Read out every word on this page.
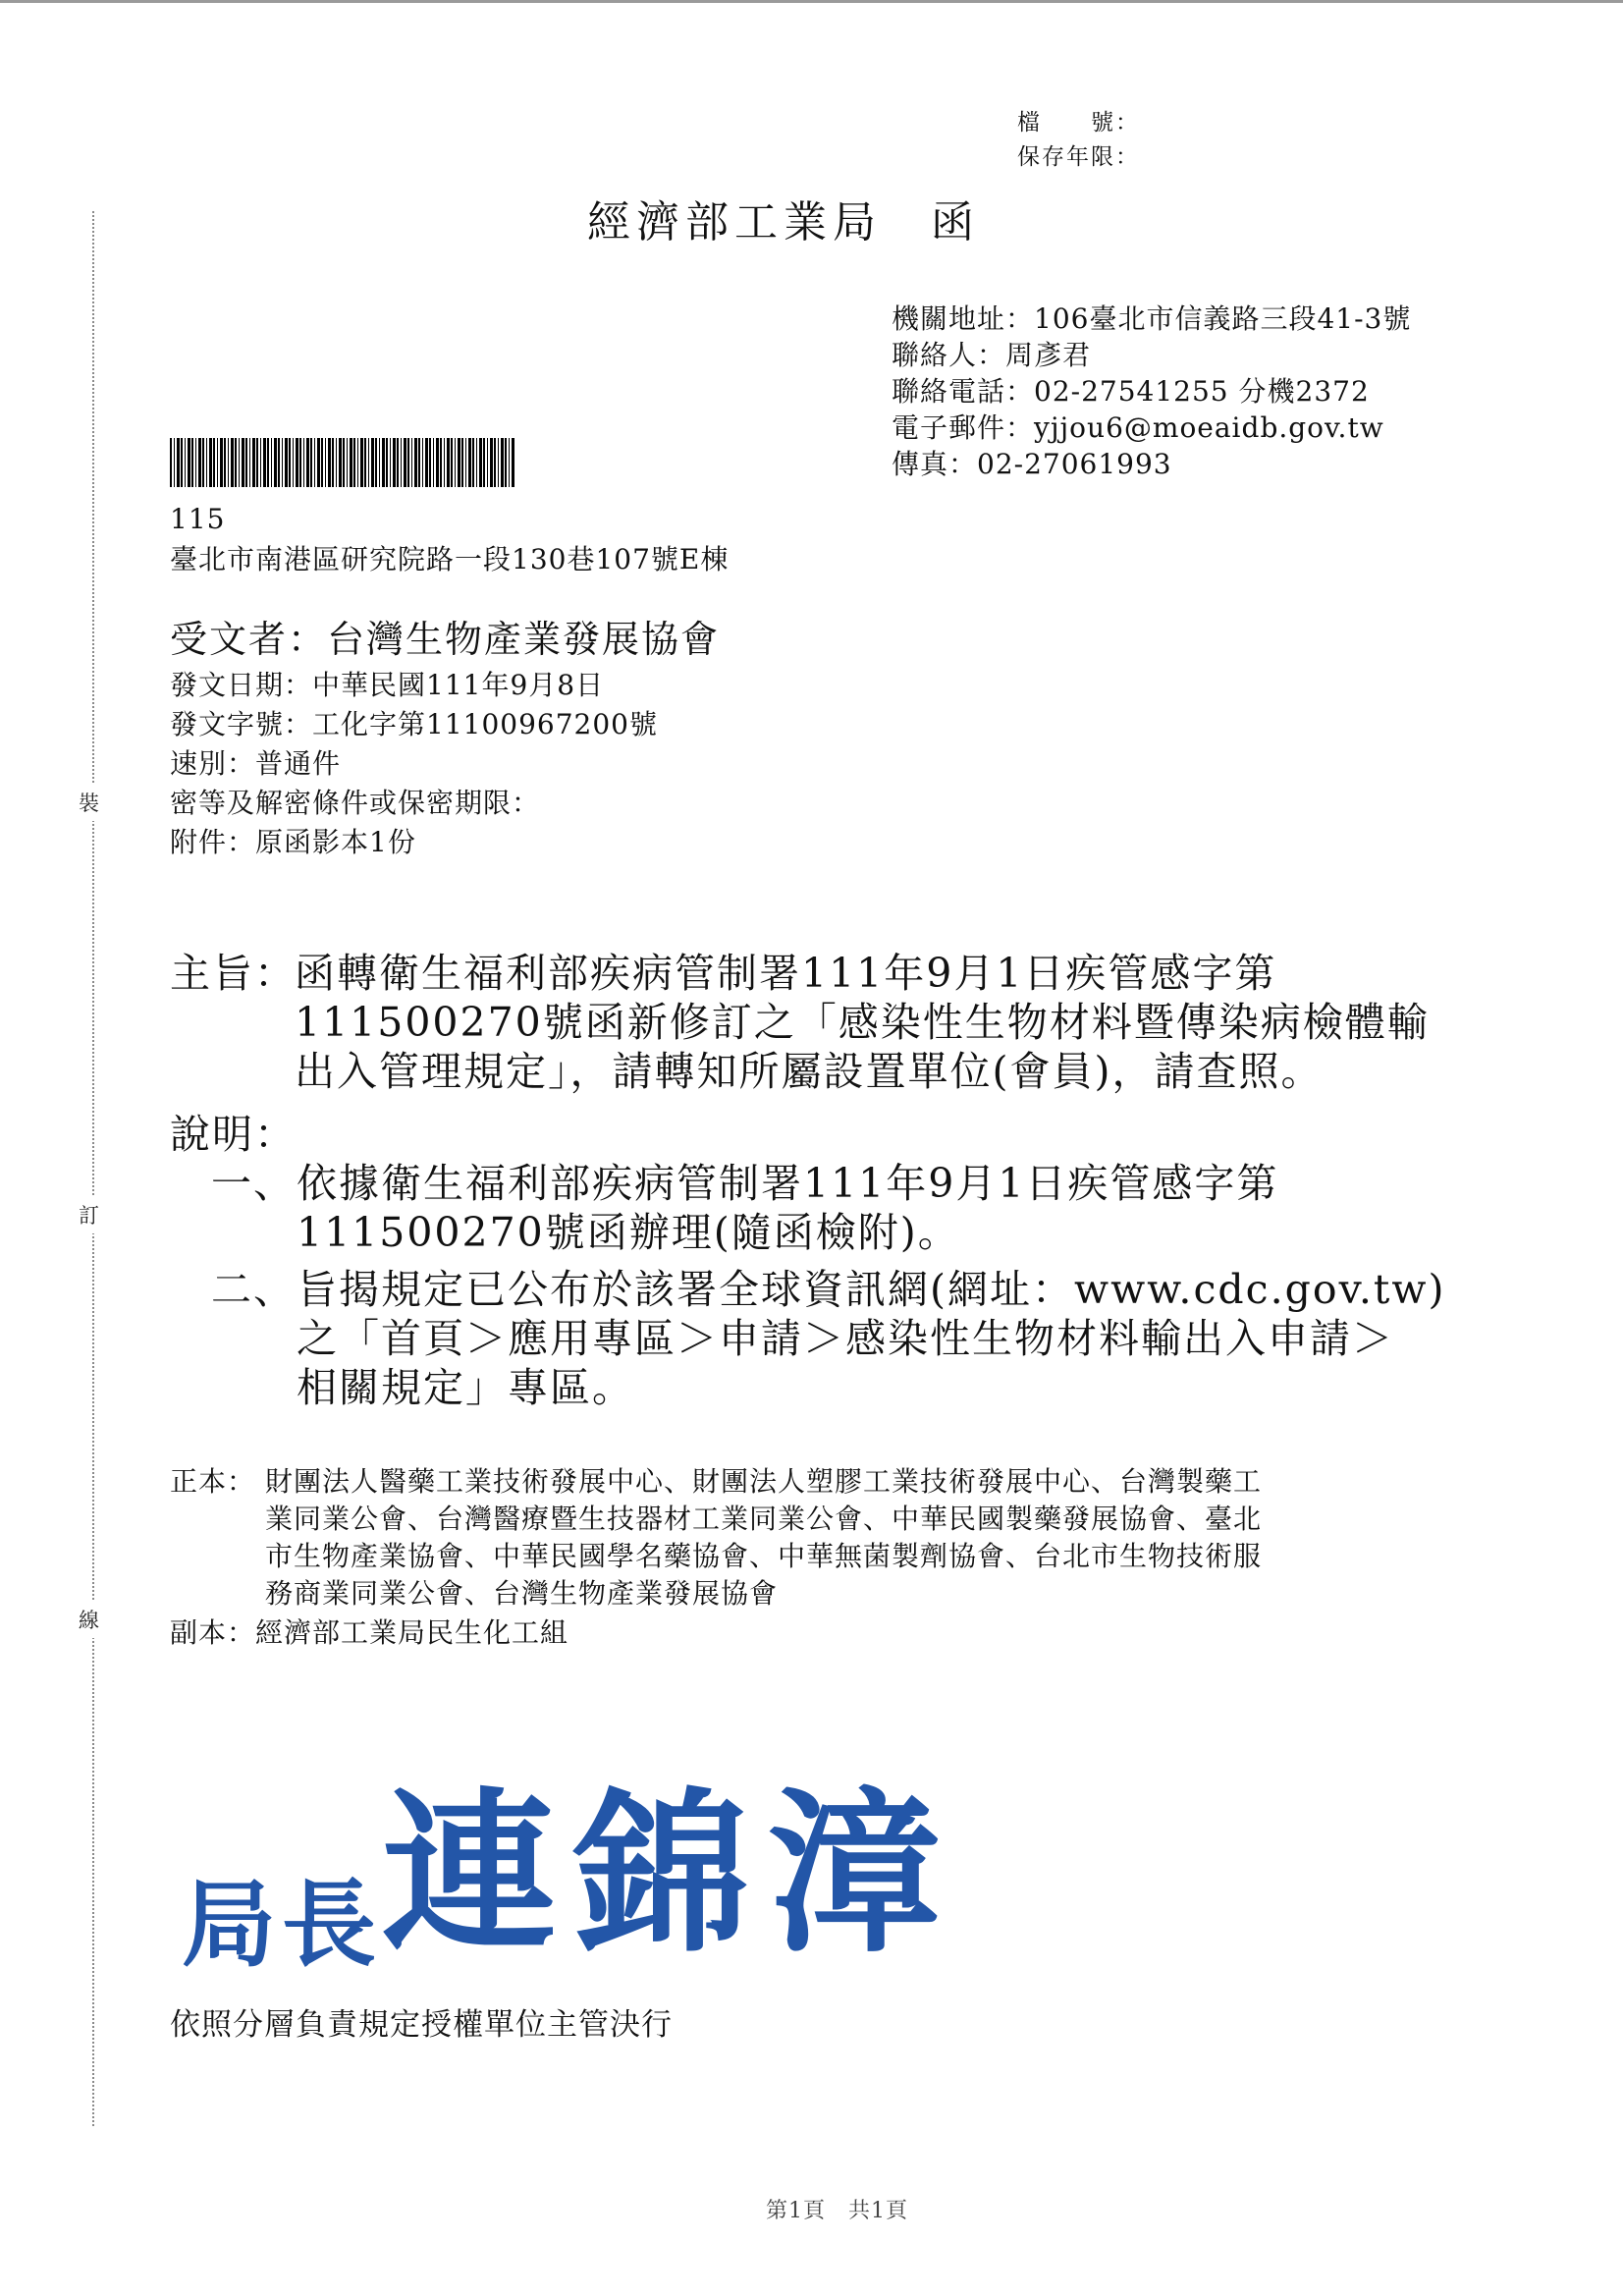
裝
訂
線
檔　　號：
保存年限：
經濟部工業局　函
機關地址：106臺北市信義路三段41-3號
聯絡人：周彥君
聯絡電話：02-27541255 分機2372
電子郵件：yjjou6@moeaidb.gov.tw
傳真：02-27061993
115
臺北市南港區研究院路一段130巷107號E棟
受文者：台灣生物產業發展協會
發文日期：中華民國111年9月8日
發文字號：工化字第11100967200號
速別：普通件
密等及解密條件或保密期限：
附件：原函影本1份
主旨：
函轉衛生福利部疾病管制署111年9月1日疾管感字第
111500270號函新修訂之「感染性生物材料暨傳染病檢體輸
出入管理規定」，請轉知所屬設置單位(會員)，請查照。
說明：
一、 依據衛生福利部疾病管制署111年9月1日疾管感字第
111500270號函辦理(隨函檢附)。
二、 旨揭規定已公布於該署全球資訊網(網址：www.cdc.gov.tw)
之「首頁＞應用專區＞申請＞感染性生物材料輸出入申請＞
相關規定」專區。
正本： 財團法人醫藥工業技術發展中心、財團法人塑膠工業技術發展中心、台灣製藥工
業同業公會、台灣醫療暨生技器材工業同業公會、中華民國製藥發展協會、臺北
市生物產業協會、中華民國學名藥協會、中華無菌製劑協會、台北市生物技術服
務商業同業公會、台灣生物產業發展協會
副本：經濟部工業局民生化工組
局長連錦漳
依照分層負責規定授權單位主管決行
第1頁　共1頁
